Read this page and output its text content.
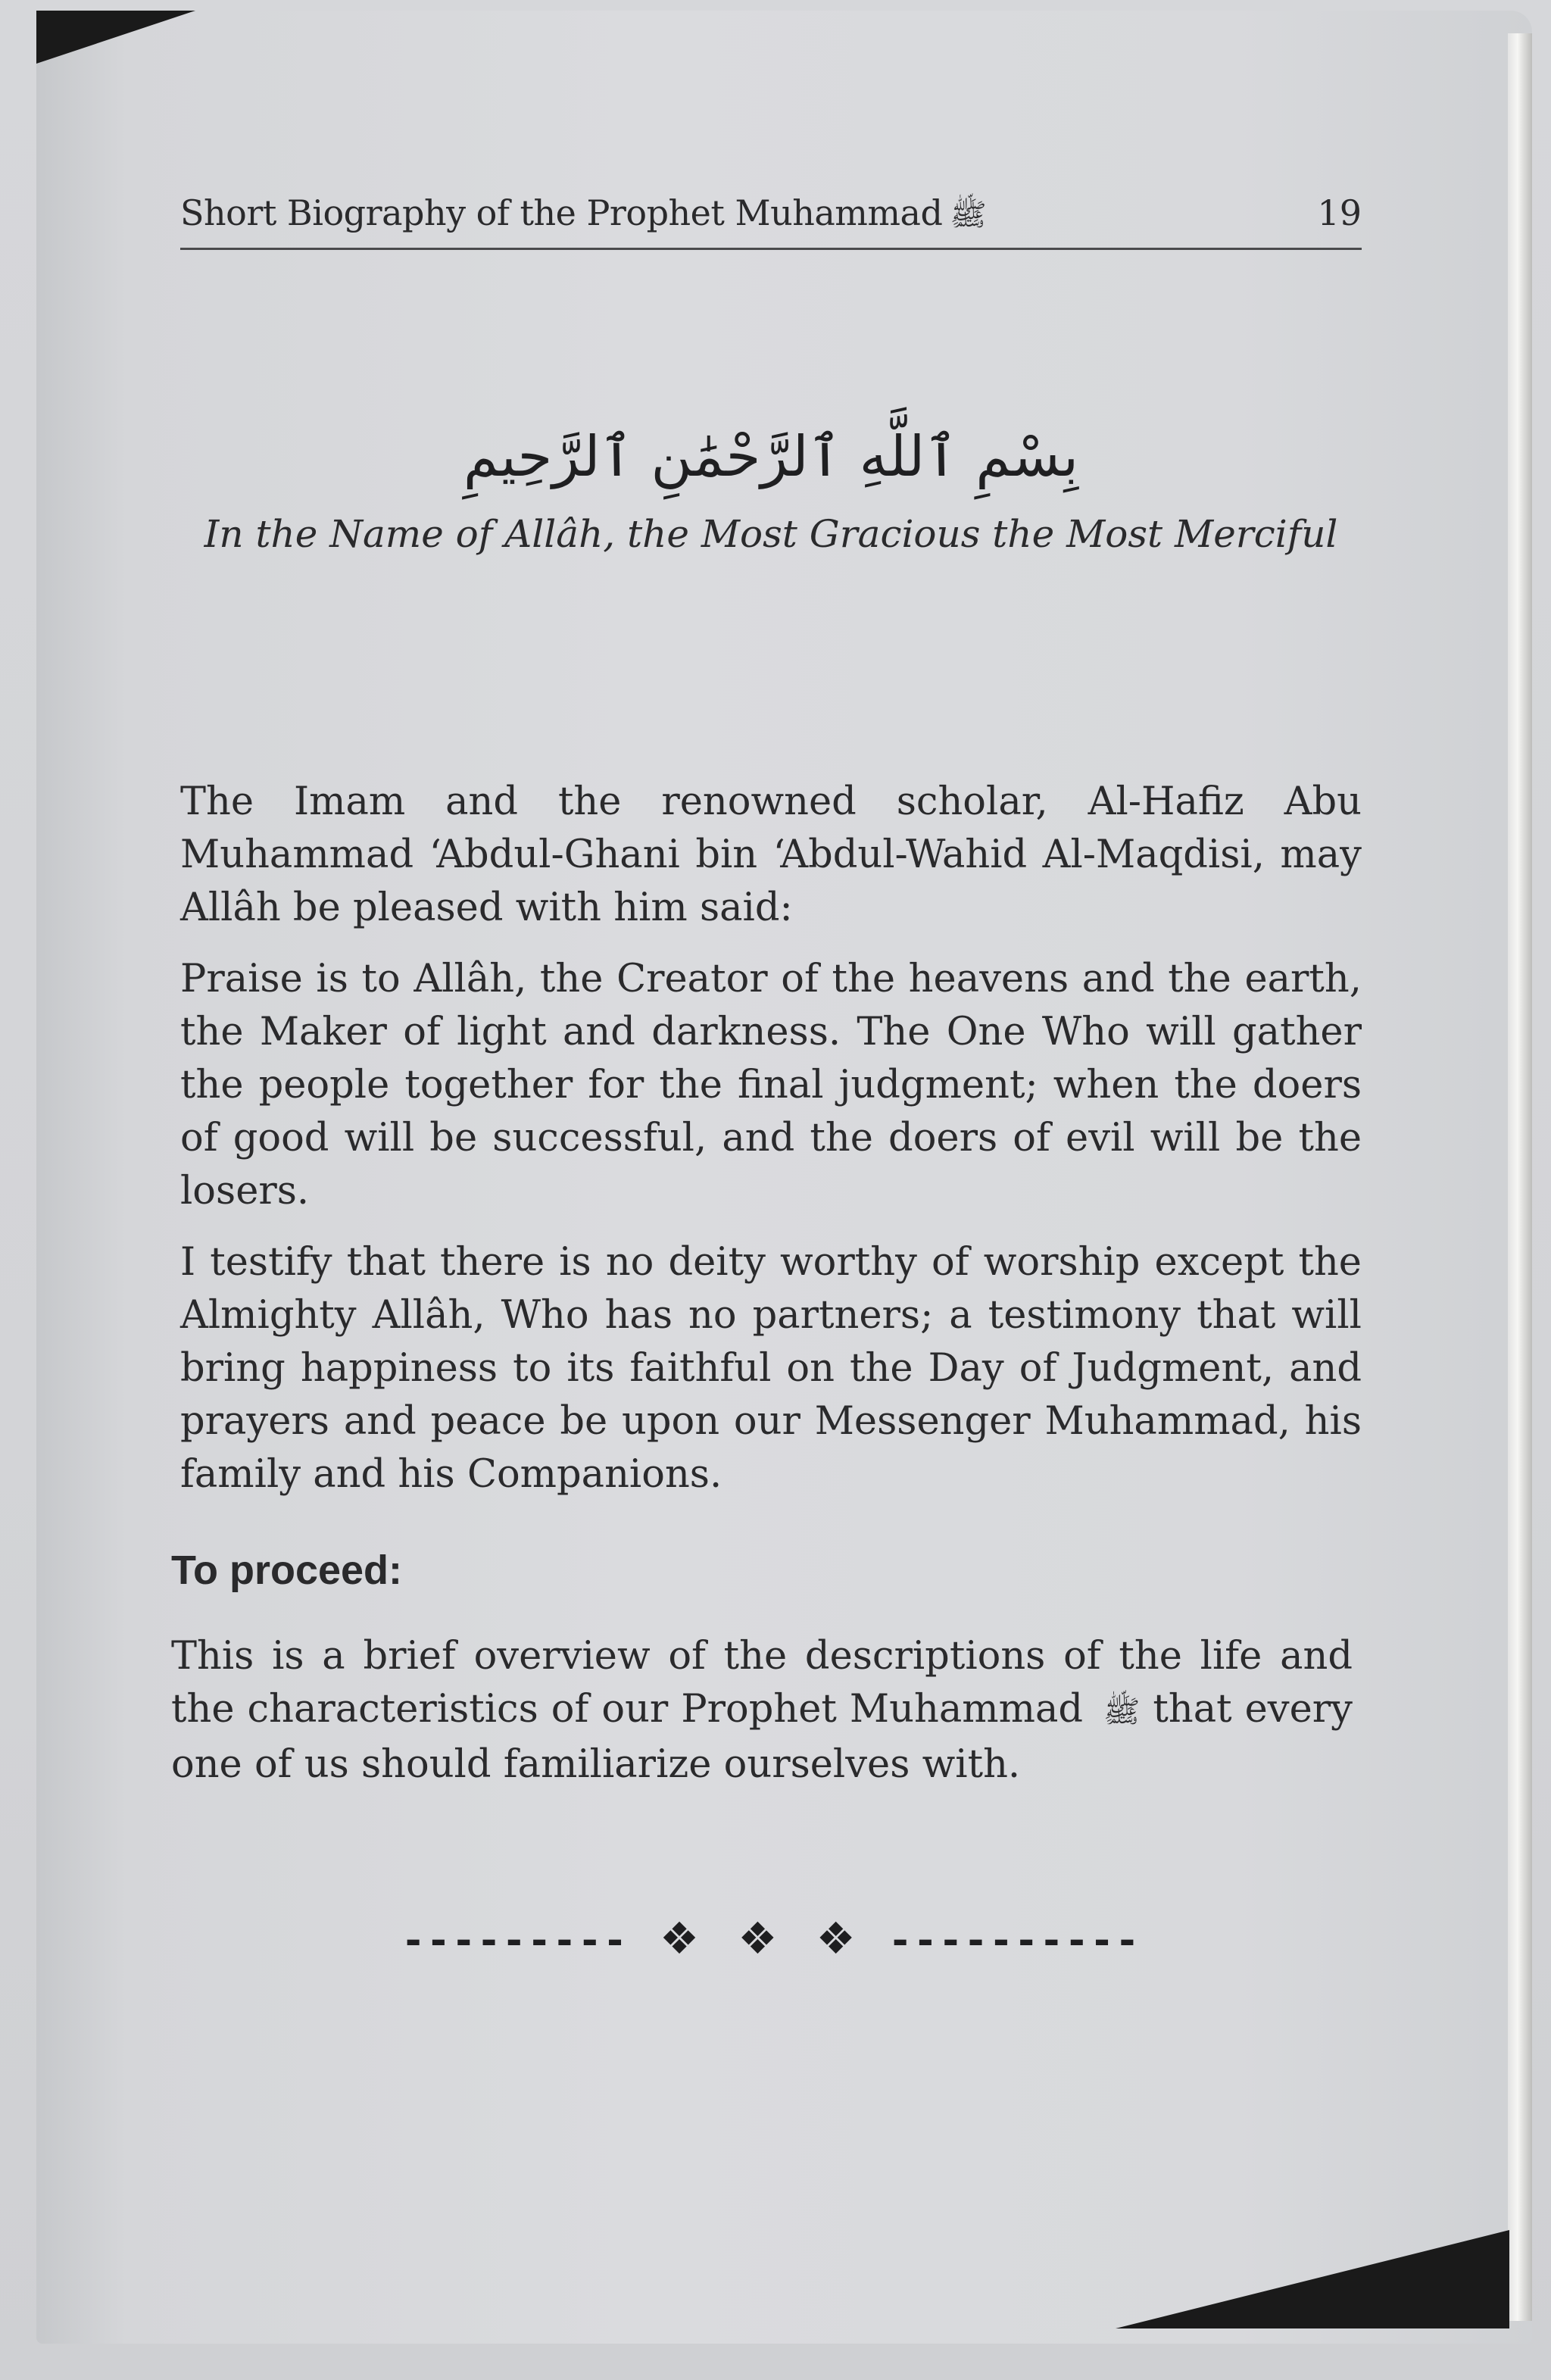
Short Biography of the Prophet Muhammad ﷺ	19
بِسْمِ ٱللَّهِ ٱلرَّحْمَٰنِ ٱلرَّحِيمِ
In the Name of Allâh, the Most Gracious the Most Merciful

The Imam and the renowned scholar, Al-Hafiz Abu Muhammad ‘Abdul-Ghani bin ‘Abdul-Wahid Al-Maqdisi, may Allâh be pleased with him said:

Praise is to Allâh, the Creator of the heavens and the earth, the Maker of light and darkness. The One Who will gather the people together for the final judgment; when the doers of good will be successful, and the doers of evil will be the losers.

I testify that there is no deity worthy of worship except the Almighty Allâh, Who has no partners; a testimony that will bring happiness to its faithful on the Day of Judgment, and prayers and peace be upon our Messenger Muhammad, his family and his Companions.

To proceed:

This is a brief overview of the descriptions of the life and the characteristics of our Prophet Muhammad ﷺ that every one of us should familiarize ourselves with.

--------- ❖ ❖ ❖ ----------
